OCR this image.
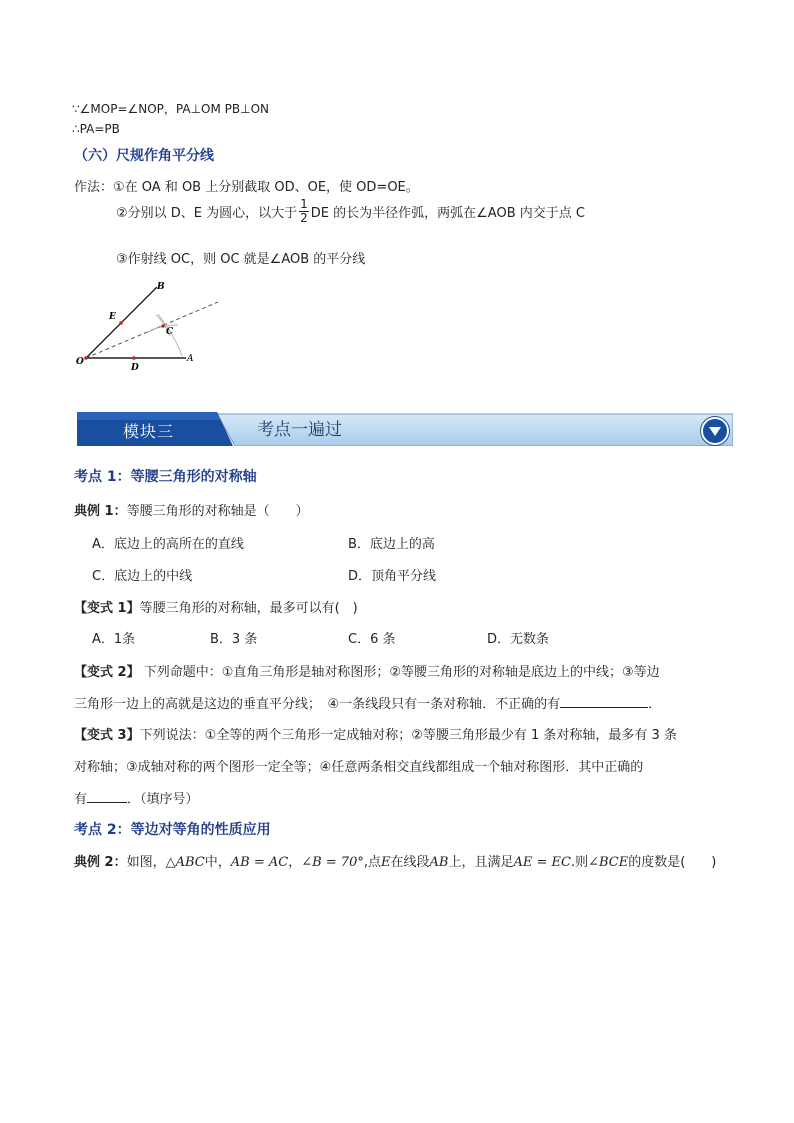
∵∠MOP=∠NOP，PA⊥OM PB⊥ON
∴PA=PB
（六）尺规作角平分线
作法：①在 OA 和 OB 上分别截取 OD、OE，使 OD=OE。
②分别以 D、E 为圆心，以大于 $\frac{1}{2}$ DE 的长为半径作弧，两弧在∠AOB 内交于点 C
③作射线 OC，则 OC 就是∠AOB 的平分线
O	A
B
C
D
E
模块三	考点一遍过
考点 1：等腰三角形的对称轴
典例 1：等腰三角形的对称轴是（　　）
A．底边上的高所在的直线	B．底边上的高
C．底边上的中线	D．顶角平分线
【变式 1】等腰三角形的对称轴，最多可以有(　)
A．1条	B．3 条	C．6 条	D．无数条
【变式 2】 下列命题中：①直角三角形是轴对称图形；②等腰三角形的对称轴是底边上的中线；③等边
三角形一边上的高就是这边的垂直平分线；　④一条线段只有一条对称轴．不正确的有	．
【变式 3】下列说法：①全等的两个三角形一定成轴对称；②等腰三角形最少有 1 条对称轴，最多有 3 条
对称轴；③成轴对称的两个图形一定全等；④任意两条相交直线都组成一个轴对称图形．其中正确的
有	．（填序号）
考点 2：等边对等角的性质应用
典例 2：如图，△ABC中，AB = AC，∠B = 70°,点E在线段AB上，且满足AE = EC.则∠BCE的度数是(　　)
